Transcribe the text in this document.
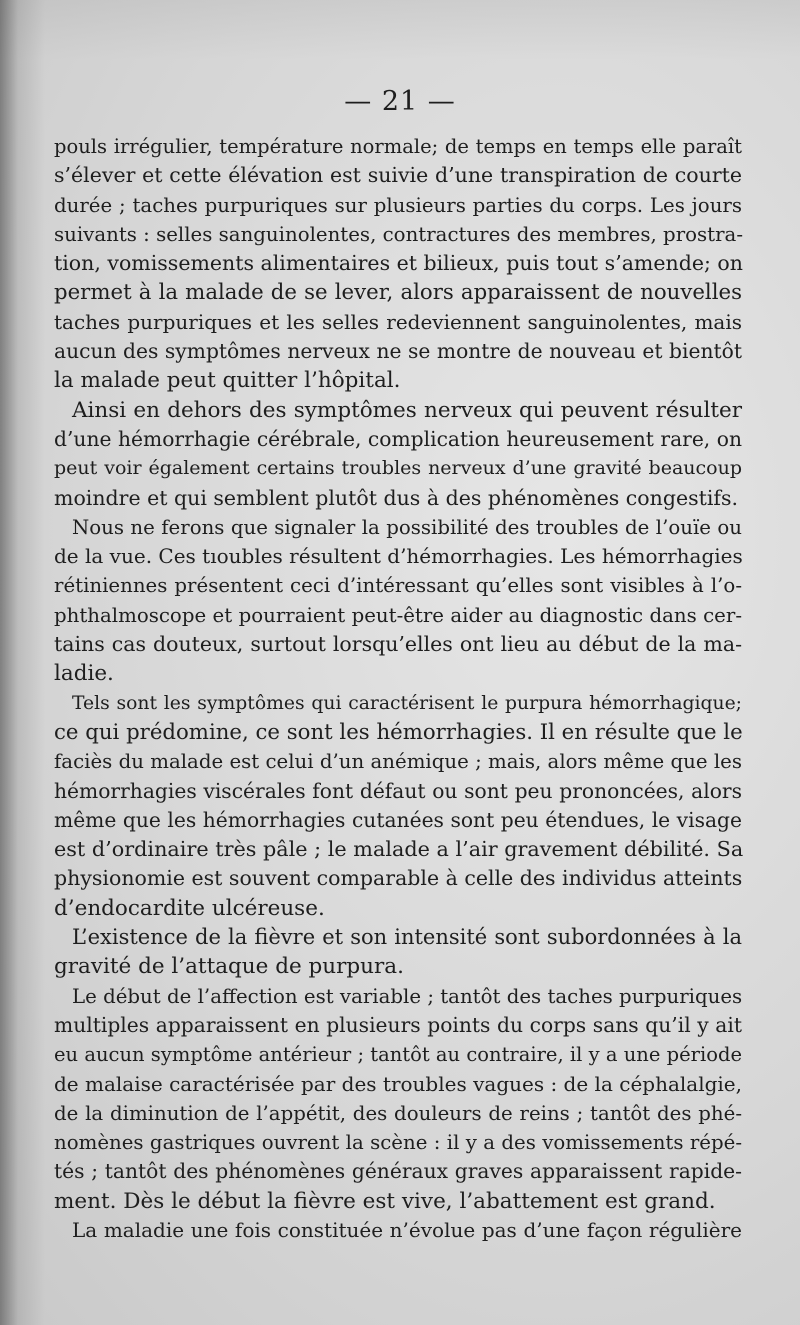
— 21 —
pouls irrégulier, température normale; de temps en temps elle paraît
s’élever et cette élévation est suivie d’une transpiration de courte
durée ; taches purpuriques sur plusieurs parties du corps. Les jours
suivants : selles sanguinolentes, contractures des membres, prostra-
tion, vomissements alimentaires et bilieux, puis tout s’amende; on
permet à la malade de se lever, alors apparaissent de nouvelles
taches purpuriques et les selles redeviennent sanguinolentes, mais
aucun des symptômes nerveux ne se montre de nouveau et bientôt
la malade peut quitter l’hôpital.
Ainsi en dehors des symptômes nerveux qui peuvent résulter
d’une hémorrhagie cérébrale, complication heureusement rare, on
peut voir également certains troubles nerveux d’une gravité beaucoup
moindre et qui semblent plutôt dus à des phénomènes congestifs.
Nous ne ferons que signaler la possibilité des troubles de l’ouïe ou
de la vue. Ces tıoubles résultent d’hémorrhagies. Les hémorrhagies
rétiniennes présentent ceci d’intéressant qu’elles sont visibles à l’o-
phthalmoscope et pourraient peut-être aider au diagnostic dans cer-
tains cas douteux, surtout lorsqu’elles ont lieu au début de la ma-
ladie.
Tels sont les symptômes qui caractérisent le purpura hémorrhagique;
ce qui prédomine, ce sont les hémorrhagies. Il en résulte que le
faciès du malade est celui d’un anémique ; mais, alors même que les
hémorrhagies viscérales font défaut ou sont peu prononcées, alors
même que les hémorrhagies cutanées sont peu étendues, le visage
est d’ordinaire très pâle ; le malade a l’air gravement débilité. Sa
physionomie est souvent comparable à celle des individus atteints
d’endocardite ulcéreuse.
L’existence de la fièvre et son intensité sont subordonnées à la
gravité de l’attaque de purpura.
Le début de l’affection est variable ; tantôt des taches purpuriques
multiples apparaissent en plusieurs points du corps sans qu’il y ait
eu aucun symptôme antérieur ; tantôt au contraire, il y a une période
de malaise caractérisée par des troubles vagues : de la céphalalgie,
de la diminution de l’appétit, des douleurs de reins ; tantôt des phé-
nomènes gastriques ouvrent la scène : il y a des vomissements répé-
tés ; tantôt des phénomènes généraux graves apparaissent rapide-
ment. Dès le début la fièvre est vive, l’abattement est grand.
La maladie une fois constituée n’évolue pas d’une façon régulière
